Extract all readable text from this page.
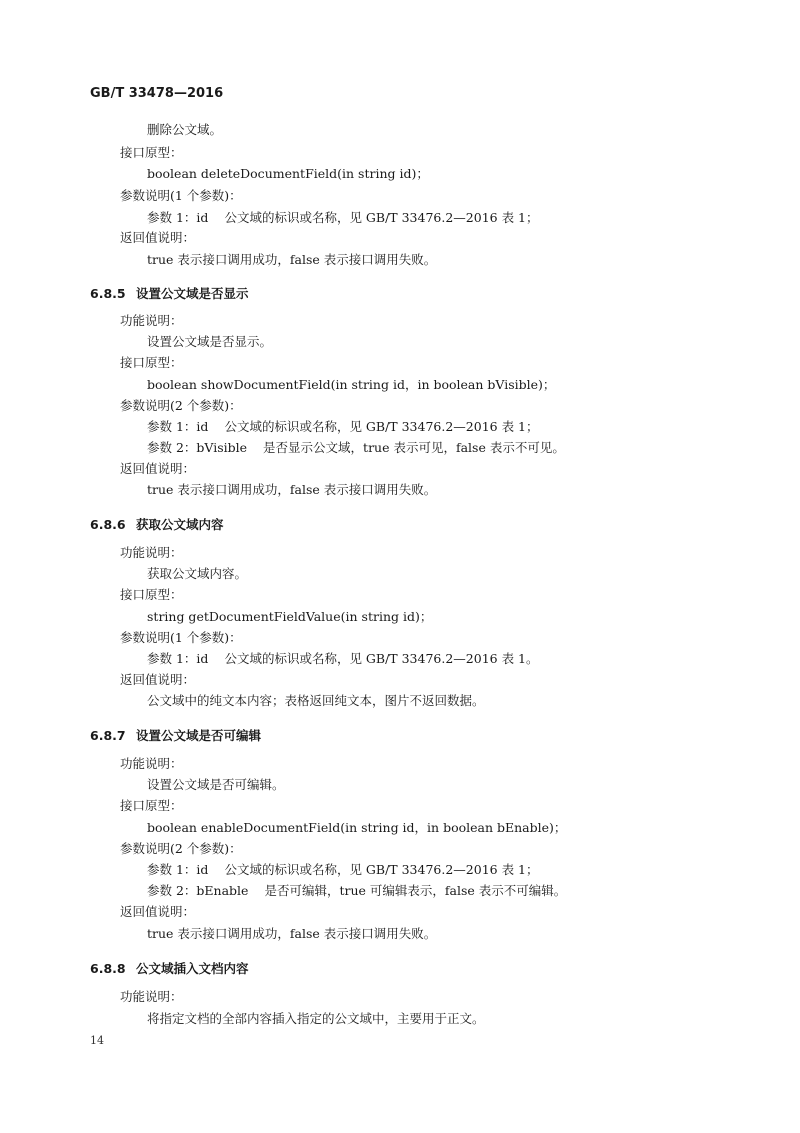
GB/T 33478—2016
删除公文域。
接口原型：
boolean deleteDocumentField(in string id)；
参数说明(1 个参数)：
参数 1：id 公文域的标识或名称，见 GB/T 33476.2—2016 表 1；
返回值说明：
true 表示接口调用成功，false 表示接口调用失败。
6.8.5 设置公文域是否显示
功能说明：
设置公文域是否显示。
接口原型：
boolean showDocumentField(in string id，in boolean bVisible)；
参数说明(2 个参数)：
参数 1：id 公文域的标识或名称，见 GB/T 33476.2—2016 表 1；
参数 2：bVisible 是否显示公文域，true 表示可见，false 表示不可见。
返回值说明：
true 表示接口调用成功，false 表示接口调用失败。
6.8.6 获取公文域内容
功能说明：
获取公文域内容。
接口原型：
string getDocumentFieldValue(in string id)；
参数说明(1 个参数)：
参数 1：id 公文域的标识或名称，见 GB/T 33476.2—2016 表 1。
返回值说明：
公文域中的纯文本内容；表格返回纯文本，图片不返回数据。
6.8.7 设置公文域是否可编辑
功能说明：
设置公文域是否可编辑。
接口原型：
boolean enableDocumentField(in string id，in boolean bEnable)；
参数说明(2 个参数)：
参数 1：id 公文域的标识或名称，见 GB/T 33476.2—2016 表 1；
参数 2：bEnable 是否可编辑，true 可编辑表示，false 表示不可编辑。
返回值说明：
true 表示接口调用成功，false 表示接口调用失败。
6.8.8 公文域插入文档内容
功能说明：
将指定文档的全部内容插入指定的公文域中，主要用于正文。
14
